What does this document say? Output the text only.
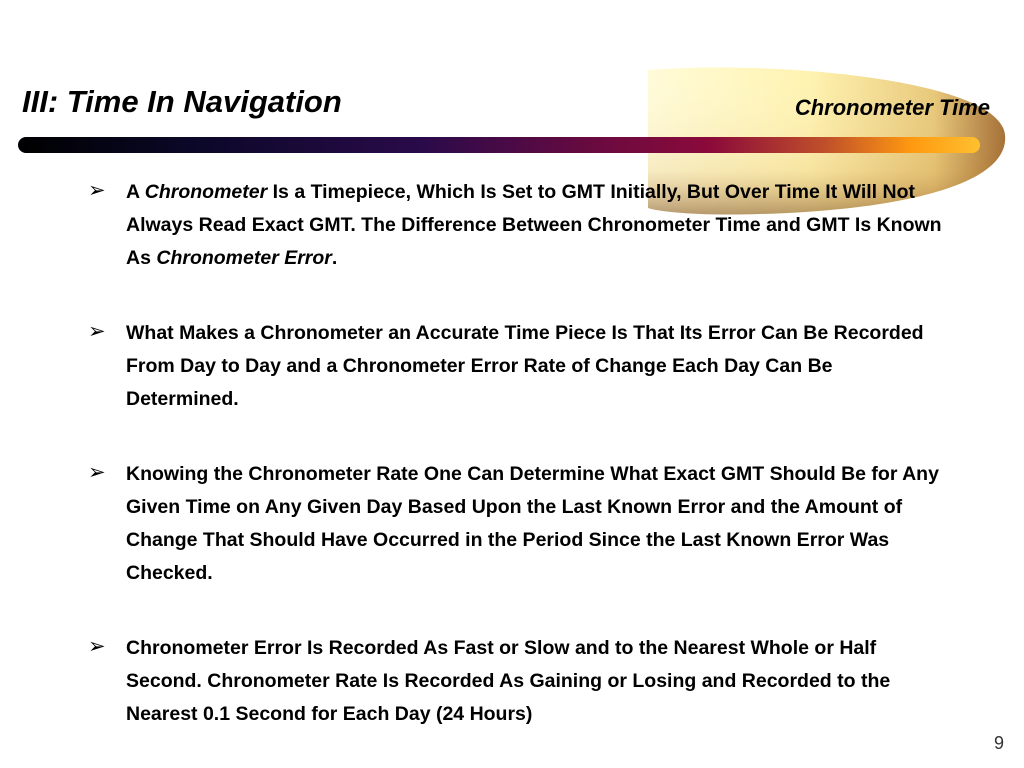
III: Time In Navigation	Chronometer Time
➢ A Chronometer Is a Timepiece, Which Is Set to GMT Initially, But Over Time It Will Not Always Read Exact GMT. The Difference Between Chronometer Time and GMT Is Known As Chronometer Error.
➢ What Makes a Chronometer an Accurate Time Piece Is That Its Error Can Be Recorded From Day to Day and a Chronometer Error Rate of Change Each Day Can Be Determined.
➢ Knowing the Chronometer Rate One Can Determine What Exact GMT Should Be for Any Given Time on Any Given Day Based Upon the Last Known Error and the Amount of Change That Should Have Occurred in the Period Since the Last Known Error Was Checked.
➢ Chronometer Error Is Recorded As Fast or Slow and to the Nearest Whole or Half Second. Chronometer Rate Is Recorded As Gaining or Losing and Recorded to the Nearest 0.1 Second for Each Day (24 Hours)
9
